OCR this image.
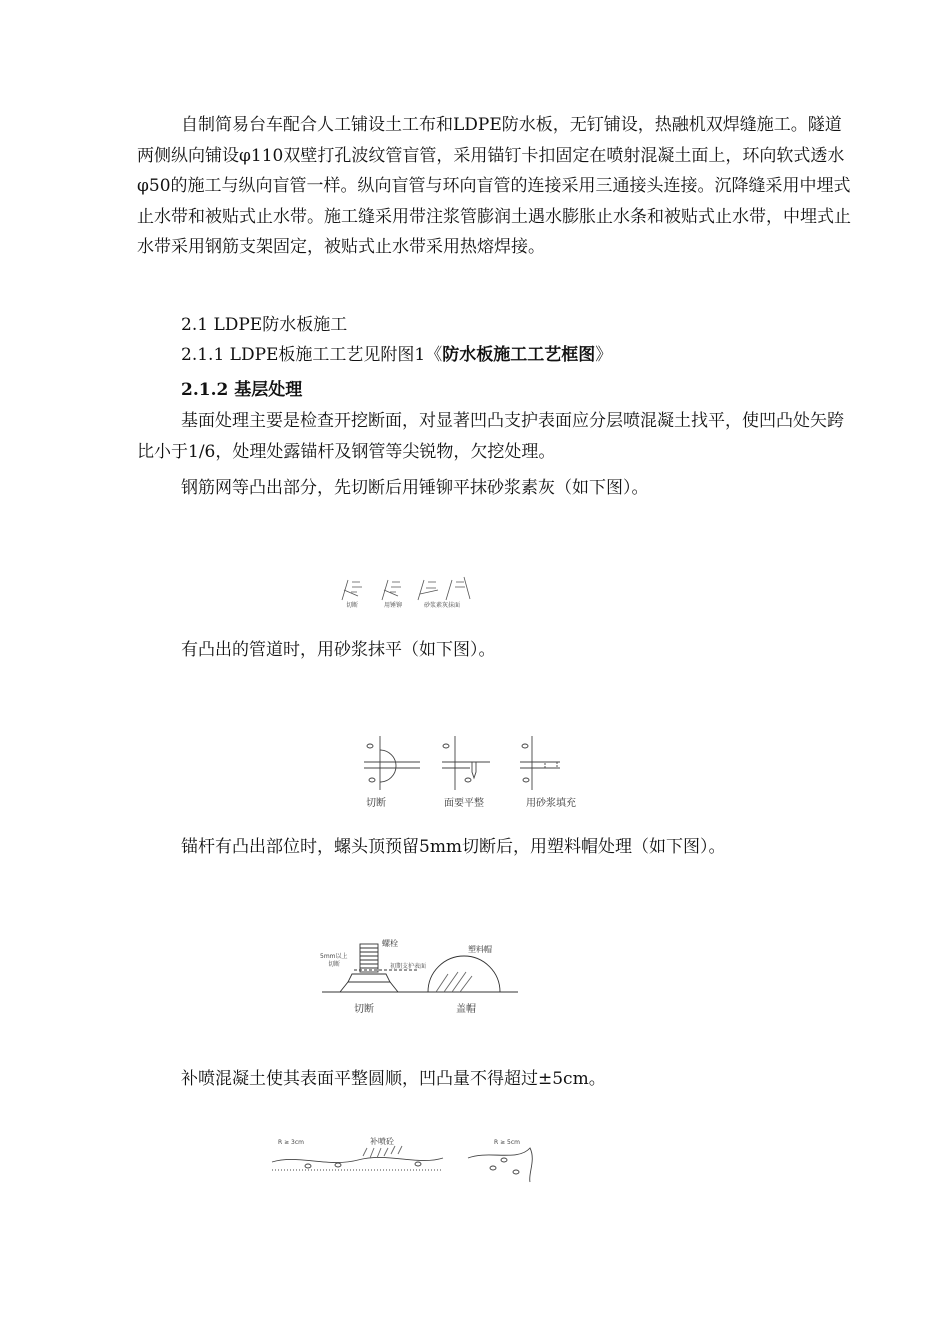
自制简易台车配合人工铺设土工布和LDPE防水板，无钉铺设，热融机双焊缝施工。隧道两侧纵向铺设φ110双壁打孔波纹管盲管，采用锚钉卡扣固定在喷射混凝土面上，环向软式透水φ50的施工与纵向盲管一样。纵向盲管与环向盲管的连接采用三通接头连接。沉降缝采用中埋式止水带和被贴式止水带。施工缝采用带注浆管膨润土遇水膨胀止水条和被贴式止水带，中埋式止水带采用钢筋支架固定，被贴式止水带采用热熔焊接。

2.1 LDPE防水板施工

2.1.1 LDPE板施工工艺见附图1《防水板施工工艺框图》

2.1.2 基层处理

基面处理主要是检查开挖断面，对显著凹凸支护表面应分层喷混凝土找平，使凹凸处矢跨比小于1/6，处理处露锚杆及钢管等尖锐物，欠挖处理。

钢筋网等凸出部分，先切断后用锤铆平抹砂浆素灰（如下图）。

切断	用锤铆	砂浆素灰抹面

有凸出的管道时，用砂浆抹平（如下图）。

切断	面要平整	用砂浆填充

锚杆有凸出部位时，螺头顶预留5mm切断后，用塑料帽处理（如下图）。

螺栓
5mm以上
切断	初期支护表面
塑料帽
切断	盖帽

补喷混凝土使其表面平整圆顺，凹凸量不得超过±5cm。

R ≥ 3cm	补喷砼	R ≥ 5cm
